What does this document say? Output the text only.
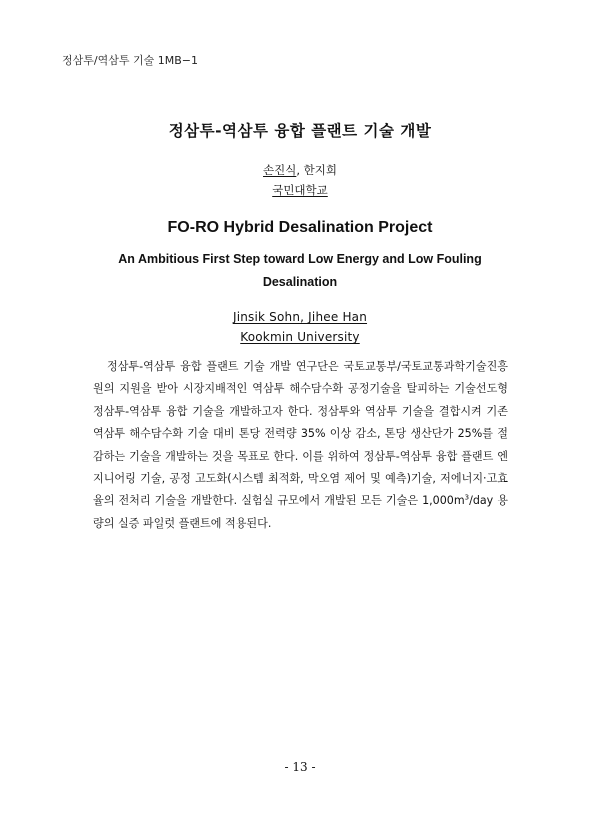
정삼투/역삼투 기술 1MB−1
정삼투-역삼투 융합 플랜트 기술 개발
손진식, 한지희
국민대학교
FO-RO Hybrid Desalination Project
An Ambitious First Step toward Low Energy and Low Fouling Desalination
Jinsik Sohn, Jihee Han
Kookmin University

정삼투-역삼투 융합 플랜트 기술 개발 연구단은 국토교통부/국토교통과학기술진흥원의 지원을 받아 시장지배적인 역삼투 해수담수화 공정기술을 탈피하는 기술선도형 정삼투-역삼투 융합 기술을 개발하고자 한다. 정삼투와 역삼투 기술을 결합시켜 기존 역삼투 해수담수화 기술 대비 톤당 전력량 35% 이상 감소, 톤당 생산단가 25%를 절감하는 기술을 개발하는 것을 목표로 한다. 이를 위하여 정삼투-역삼투 융합 플랜트 엔지니어링 기술, 공정 고도화(시스템 최적화, 막오염 제어 및 예측)기술, 저에너지·고효율의 전처리 기술을 개발한다. 실험실 규모에서 개발된 모든 기술은 $1,000m^3$/day 용량의 실증 파일럿 플랜트에 적용된다.

- 13 -
